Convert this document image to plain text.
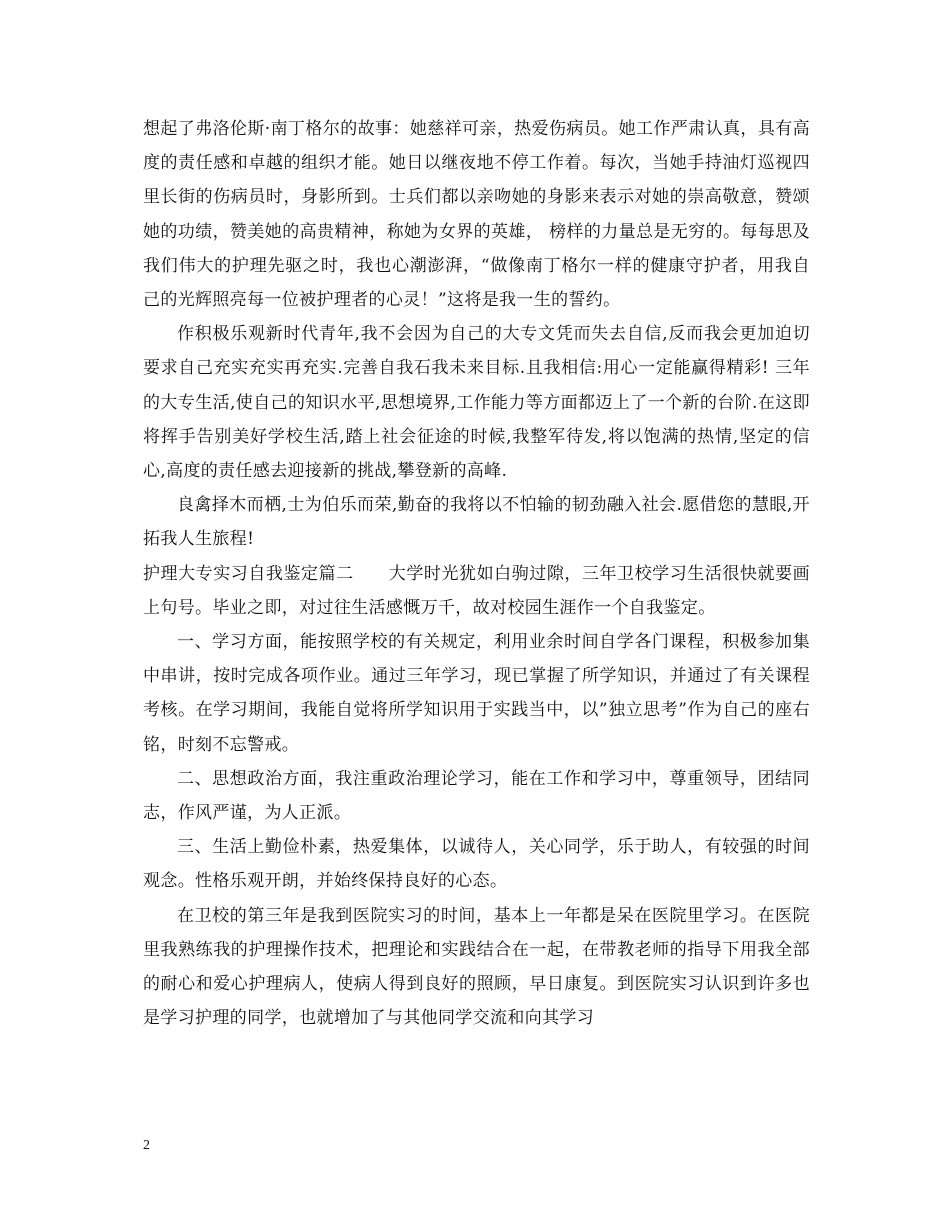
想起了弗洛伦斯·南丁格尔的故事：她慈祥可亲，热爱伤病员。她工作严肃认真，具有高度的责任感和卓越的组织才能。她日以继夜地不停工作着。每次，当她手持油灯巡视四里长街的伤病员时，身影所到。士兵们都以亲吻她的身影来表示对她的崇高敬意，赞颂她的功绩，赞美她的高贵精神，称她为女界的英雄， 榜样的力量总是无穷的。每每思及我们伟大的护理先驱之时，我也心潮澎湃，“做像南丁格尔一样的健康守护者，用我自己的光辉照亮每一位被护理者的心灵！”这将是我一生的誓约。

作积极乐观新时代青年,我不会因为自己的大专文凭而失去自信,反而我会更加迫切要求自己充实充实再充实.完善自我石我未来目标.且我相信:用心一定能赢得精彩! 三年的大专生活,使自己的知识水平,思想境界,工作能力等方面都迈上了一个新的台阶.在这即将挥手告别美好学校生活,踏上社会征途的时候,我整军待发,将以饱满的热情,坚定的信心,高度的责任感去迎接新的挑战,攀登新的高峰.

良禽择木而栖,士为伯乐而荣,勤奋的我将以不怕输的韧劲融入社会.愿借您的慧眼,开拓我人生旅程!

护理大专实习自我鉴定篇二　　大学时光犹如白驹过隙，三年卫校学习生活很快就要画上句号。毕业之即，对过往生活感慨万千，故对校园生涯作一个自我鉴定。

一、学习方面，能按照学校的有关规定，利用业余时间自学各门课程，积极参加集中串讲，按时完成各项作业。通过三年学习，现已掌握了所学知识，并通过了有关课程考核。在学习期间，我能自觉将所学知识用于实践当中，以”独立思考”作为自己的座右铭，时刻不忘警戒。

二、思想政治方面，我注重政治理论学习，能在工作和学习中，尊重领导，团结同志，作风严谨，为人正派。

三、生活上勤俭朴素，热爱集体，以诚待人，关心同学，乐于助人，有较强的时间观念。性格乐观开朗，并始终保持良好的心态。

在卫校的第三年是我到医院实习的时间，基本上一年都是呆在医院里学习。在医院里我熟练我的护理操作技术，把理论和实践结合在一起，在带教老师的指导下用我全部的耐心和爱心护理病人，使病人得到良好的照顾，早日康复。到医院实习认识到许多也是学习护理的同学，也就增加了与其他同学交流和向其学习

2
